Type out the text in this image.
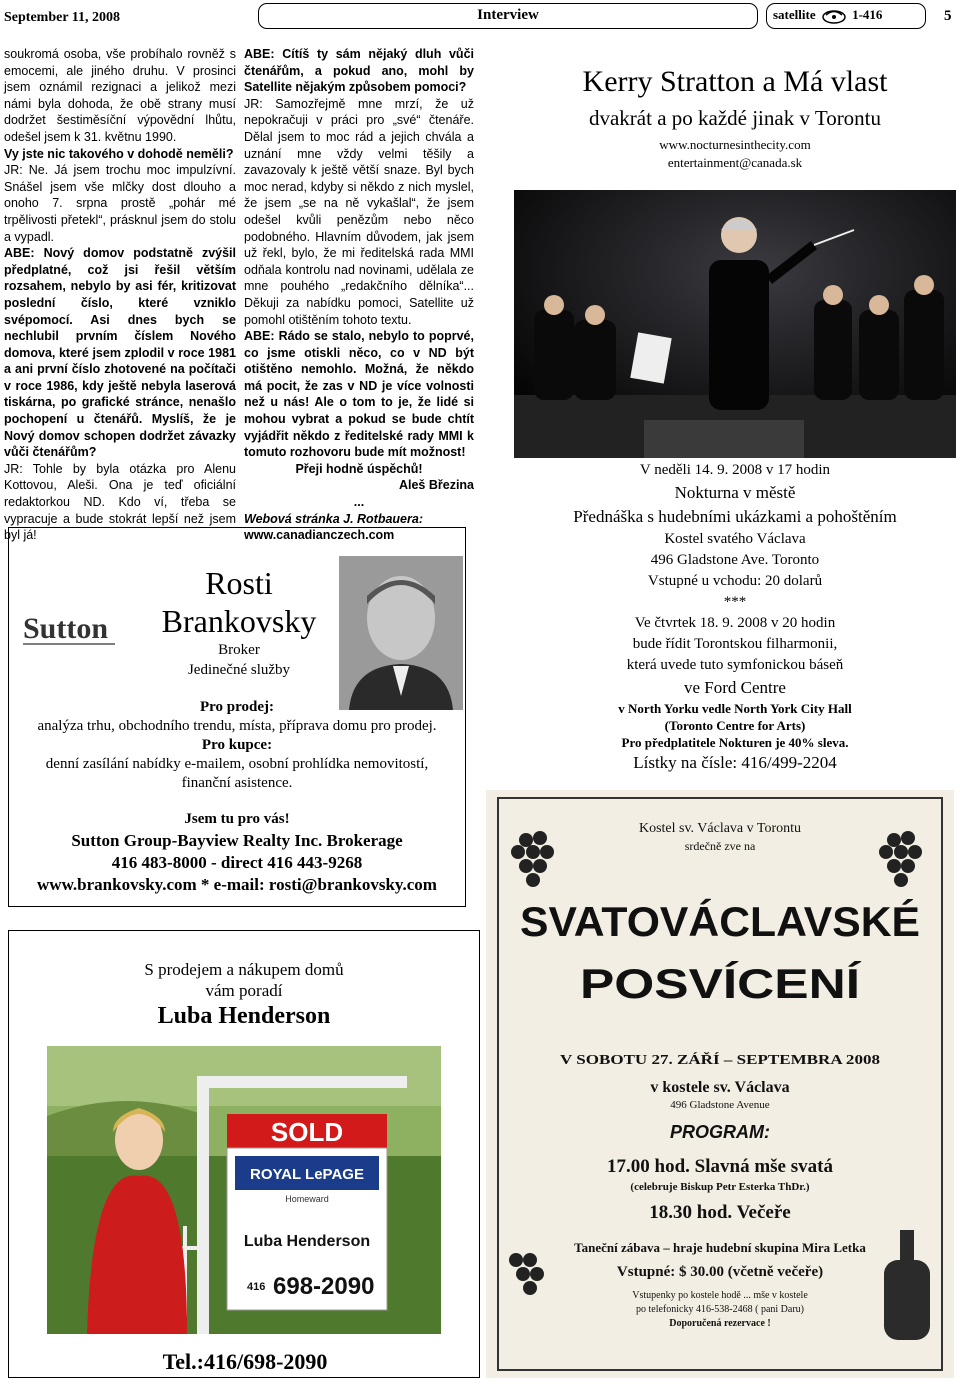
September 11, 2008	Interview	satellite	1-416	5

soukromá osoba, vše probíhalo rovněž s emocemi, ale jiného druhu. V prosinci jsem oznámil rezignaci a jelikož mezi námi byla dohoda, že obě strany musí dodržet šestiměsíční výpovědní lhůtu, odešel jsem k 31. květnu 1990.

Vy jste nic takového v dohodě neměli?

JR: Ne. Já jsem trochu moc impulzívní. Snášel jsem vše mlčky dost dlouho a onoho 7. srpna prostě „pohár mé trpělivosti přetekl“, prásknul jsem do stolu a vypadl.

ABE: Nový domov podstatně zvýšil předplatné, což jsi řešil větším rozsahem, nebylo by asi fér, kritizovat poslední číslo, které vzniklo svépomocí. Asi dnes bych se nechlubil prvním číslem Nového domova, které jsem zplodil v roce 1981 a ani první číslo zhotovené na počítači v roce 1986, kdy ještě nebyla laserová tiskárna, po grafické stránce, nenašlo pochopení u čtenářů. Myslíš, že je Nový domov schopen dodržet závazky vůči čtenářům?

JR: Tohle by byla otázka pro Alenu Kottovou, Aleši. Ona je teď oficiální redaktorkou ND. Kdo ví, třeba se vypracuje a bude stokrát lepší než jsem byl já!

ABE: Cítíš ty sám nějaký dluh vůči čtenářům, a pokud ano, mohl by Satellite nějakým způsobem pomoci?

JR: Samozřejmě mne mrzí, že už nepokračuji v práci pro „své“ čtenáře. Dělal jsem to moc rád a jejich chvála a uznání mne vždy velmi těšily a zavazovaly k ještě větší snaze. Byl bych moc nerad, kdyby si někdo z nich myslel, že jsem „se na ně vykašlal“, že jsem odešel kvůli penězům nebo něco podobného. Hlavním důvodem, jak jsem už řekl, bylo, že mi ředitelská rada MMI odňala kontrolu nad novinami, udělala ze mne pouhého „redakčního dělníka“... Děkuji za nabídku pomoci, Satellite už pomohl otištěním tohoto textu.

ABE: Rádo se stalo, nebylo to poprvé, co jsme otiskli něco, co v ND být otištěno nemohlo. Možná, že někdo má pocit, že zas v ND je více volnosti než u nás! Ale o tom to je, že lidé si mohou vybrat a pokud se bude chtít vyjádřit někdo z ředitelské rady MMI k tomuto rozhovoru bude mít možnost!

Přeji hodně úspěchů!

Aleš Březina

...

Webová stránka J. Rotbauera:

www.canadianczech.com

Kerry Stratton a Má vlast
dvakrát a po každé jinak v Torontu
www.nocturnesinthecity.com
entertainment@canada.sk

V neděli 14. 9. 2008 v 17 hodin

Nokturna v městě

Přednáška s hudebními ukázkami a pohoštěním

Kostel svatého Václava

496 Gladstone Ave. Toronto

Vstupné u vchodu: 20 dolarů

***

Ve čtvrtek 18. 9. 2008 v 20 hodin

bude řídit Torontskou filharmonii,

která uvede tuto symfonickou báseň

ve Ford Centre

v North Yorku vedle North York City Hall

(Toronto Centre for Arts)

Pro předplatitele Nokturen je 40% sleva.

Lístky na čísle: 416/499-2204

Sutton
Rosti
Brankovsky
Broker
Jedinečné služby
Pro prodej:
analýza trhu, obchodního trendu, místa, příprava domu pro prodej.
Pro kupce:
denní zasílání nabídky e-mailem, osobní prohlídka nemovitostí, finanční asistence.
Jsem tu pro vás!
Sutton Group-Bayview Realty Inc. Brokerage
416 483-8000 - direct 416 443-9268
www.brankovsky.com * e-mail: rosti@brankovsky.com
S prodejem a nákupem domů
vám poradí
Luba Henderson
SOLD
ROYAL LePAGE
Homeward
Luba Henderson
416 698-2090
Tel.:416/698-2090
Kostel sv. Václava v Torontu
srdečně zve na
SVATOVÁCLAVSKÉ
POSVÍCENÍ
V SOBOTU 27. ZÁŘÍ – SEPTEMBRA 2008
v kostele sv. Václava
496 Gladstone Avenue
PROGRAM:
17.00 hod. Slavná mše svatá
(celebruje Biskup Petr Esterka ThDr.)
18.30 hod. Večeře
Taneční zábava – hraje hudební skupina Mira Letka
Vstupné: $ 30.00 (včetně večeře)
Vstupenky po kostele hodě ... mše v kostele
po telefonicky 416-538-2468 ( pani Daru)
Doporučená rezervace !
